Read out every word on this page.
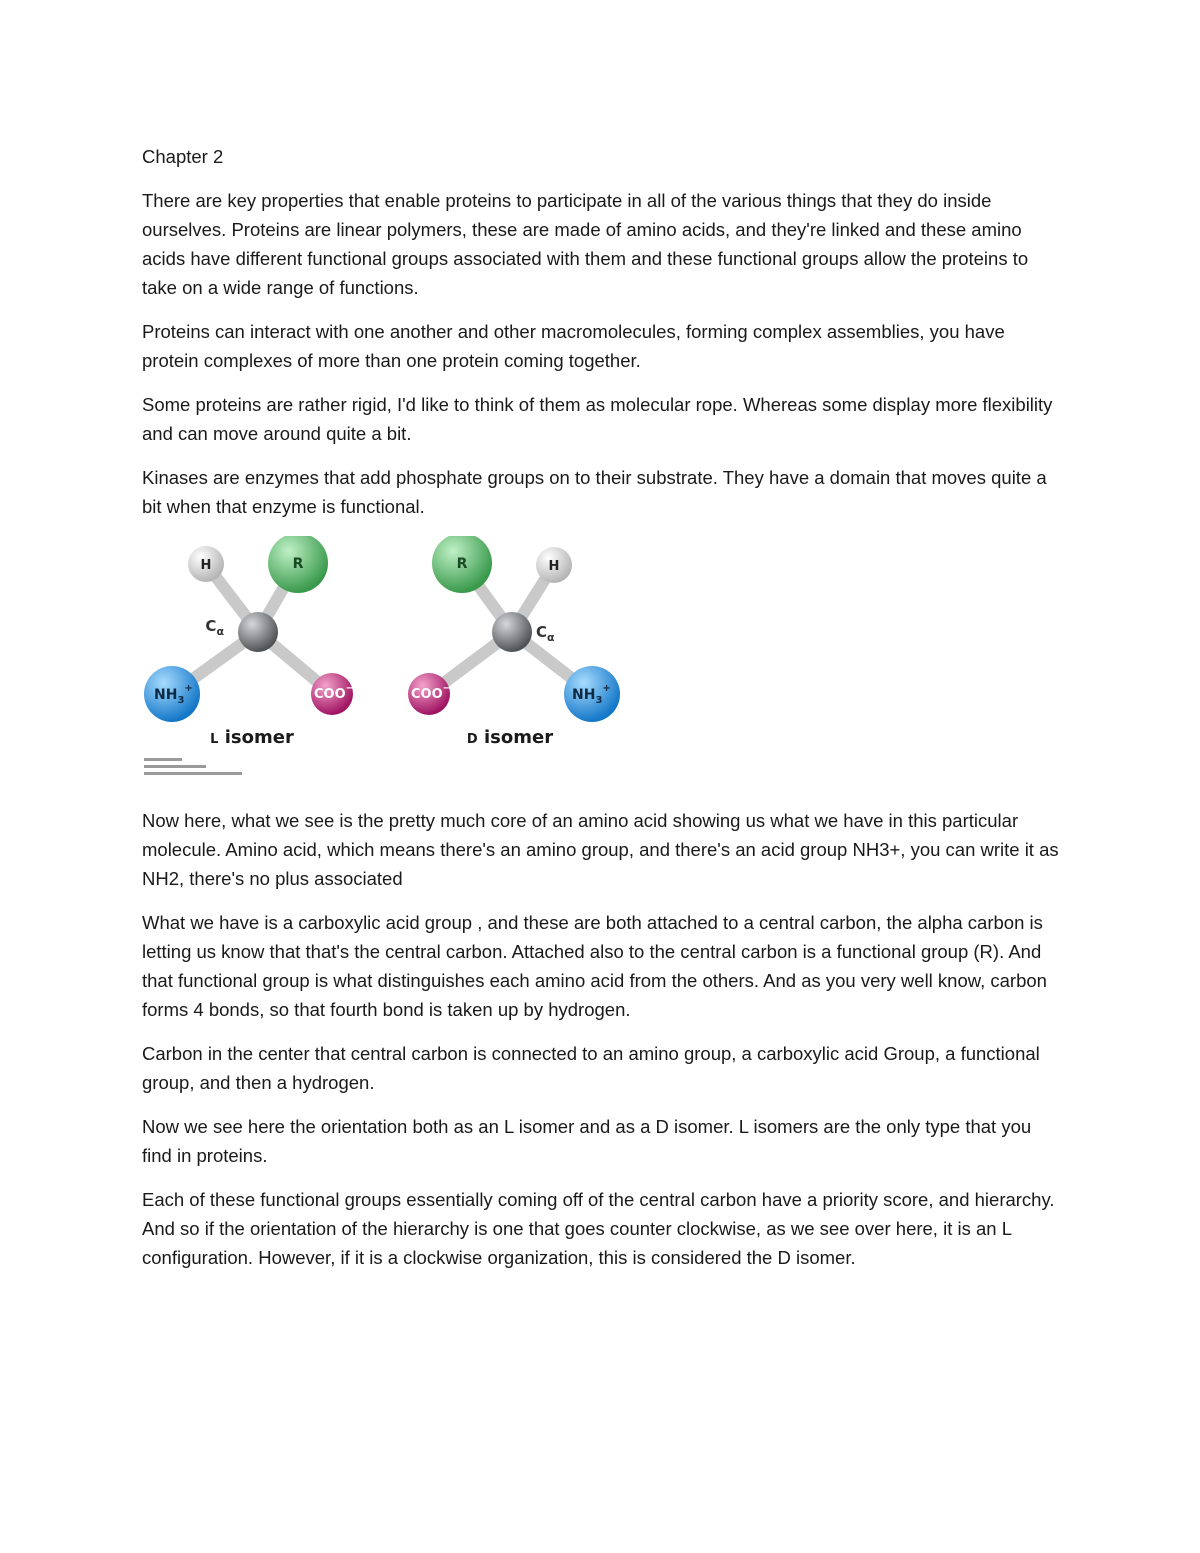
Chapter 2

There are key properties that enable proteins to participate in all of the various things that they do inside ourselves. Proteins are linear polymers, these are made of amino acids, and they're linked and these amino acids have different functional groups associated with them and these functional groups allow the proteins to take on a wide range of functions.

Proteins can interact with one another and other macromolecules, forming complex assemblies, you have protein complexes of more than one protein coming together.

Some proteins are rather rigid, I'd like to think of them as molecular rope. Whereas some display more flexibility and can move around quite a bit.

Kinases are enzymes that add phosphate groups on to their substrate. They have a domain that moves quite a bit when that enzyme is functional.

H	R
$C_\alpha$
$NH_3^+$	COO−
L isomer
R	H
$C_\alpha$
COO−	$NH_3^+$
D isomer

Now here, what we see is the pretty much core of an amino acid showing us what we have in this particular molecule. Amino acid, which means there's an amino group, and there's an acid group NH3+, you can write it as NH2, there's no plus associated

What we have is a carboxylic acid group , and these are both attached to a central carbon, the alpha carbon is letting us know that that's the central carbon. Attached also to the central carbon is a functional group (R). And that functional group is what distinguishes each amino acid from the others. And as you very well know, carbon forms 4 bonds, so that fourth bond is taken up by hydrogen.

Carbon in the center that central carbon is connected to an amino group, a carboxylic acid Group, a functional group, and then a hydrogen.

Now we see here the orientation both as an L isomer and as a D isomer. L isomers are the only type that you find in proteins.

Each of these functional groups essentially coming off of the central carbon have a priority score, and hierarchy. And so if the orientation of the hierarchy is one that goes counter clockwise, as we see over here, it is an L configuration. However, if it is a clockwise organization, this is considered the D isomer.
